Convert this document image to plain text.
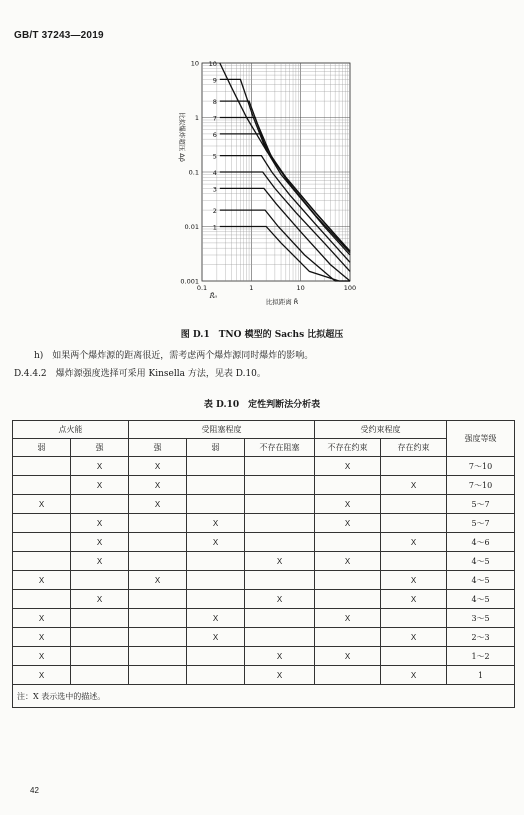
GB/T 37243—2019
10
9
8
7
6
5
4
3
2
1
0.001
0.01
0.1
1
10
0.1	1	10	100
R̄₀
比拟距离 R̄
比拟爆炸超压 Δp̄
图 D.1　TNO 模型的 Sachs 比拟超压
h)　如果两个爆炸源的距离很近，需考虑两个爆炸源同时爆炸的影响。
D.4.4.2　爆炸源强度选择可采用 Kinsella 方法，见表 D.10。
表 D.10　定性判断法分析表
点火能		受阻塞程度			受约束程度		强度等级
弱	强	强	弱	不存在阻塞	不存在约束	存在约束	
	X	X			X		7～10
	X	X				X	7～10
X		X			X		5～7
	X		X		X		5～7
	X		X			X	4～6
	X			X	X		4～5
X		X				X	4～5
	X			X		X	4～5
X			X		X		3～5
X			X			X	2～3
X				X	X		1～2
X				X		X	1
注：X 表示选中的描述。							
42
